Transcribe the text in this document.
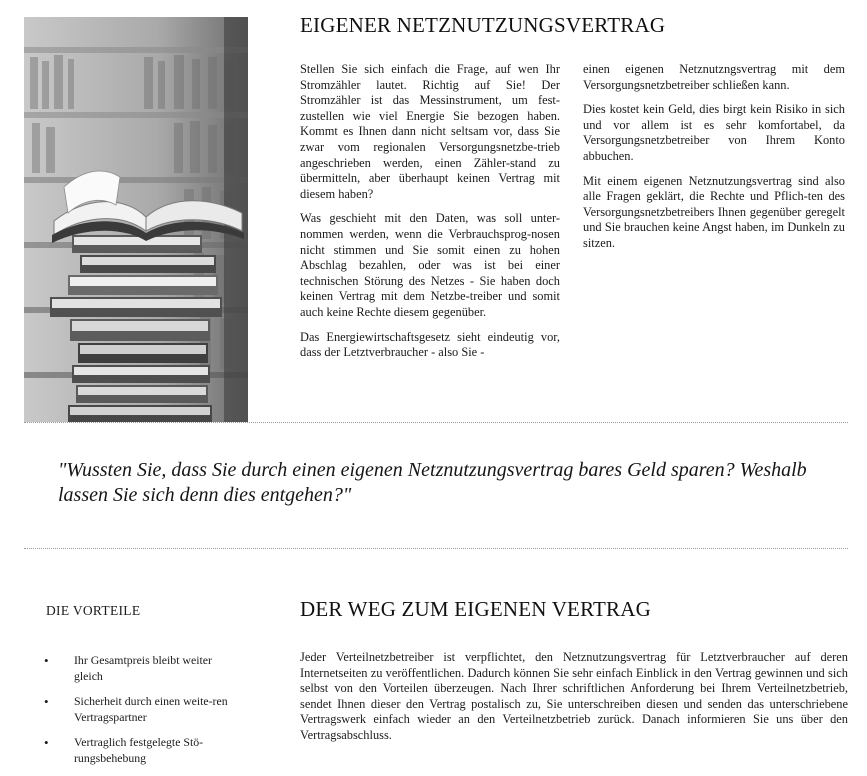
EIGENER NETZNUTZUNGSVERTRAG

Stellen Sie sich einfach die Frage, auf wen Ihr Stromzähler lautet. Richtig auf Sie! Der Stromzähler ist das Messinstrument, um fest-zustellen wie viel Energie Sie bezogen haben. Kommt es Ihnen dann nicht seltsam vor, dass Sie zwar vom regionalen Versorgungsnetzbe-trieb angeschrieben werden, einen Zähler-stand zu übermitteln, aber überhaupt keinen Vertrag mit diesem haben?

Was geschieht mit den Daten, was soll unter-nommen werden, wenn die Verbrauchsprog-nosen nicht stimmen und Sie somit einen zu hohen Abschlag bezahlen, oder was ist bei einer technischen Störung des Netzes - Sie haben doch keinen Vertrag mit dem Netzbe-treiber und somit auch keine Rechte diesem gegenüber.

Das Energiewirtschaftsgesetz sieht eindeutig vor, dass der Letztverbraucher - also Sie -

einen eigenen Netznutzngsvertrag mit dem Versorgungsnetzbetreiber schließen kann.

Dies kostet kein Geld, dies birgt kein Risiko in sich und vor allem ist es sehr komfortabel, da Versorgungsnetzbetreiber von Ihrem Konto abbuchen.

Mit einem eigenen Netznutzungsvertrag sind also alle Fragen geklärt, die Rechte und Pflich-ten des Versorgungsnetzbetreibers Ihnen gegenüber geregelt und Sie brauchen keine Angst haben, im Dunkeln zu sitzen.

"Wussten Sie, dass Sie durch einen eigenen Netznutzungsvertrag bares Geld sparen? Weshalb lassen Sie sich denn dies entgehen?"

DIE VORTEILE
• Ihr Gesamtpreis bleibt weiter gleich
• Sicherheit durch einen weite-ren Vertragspartner
• Vertraglich festgelegte Stö-rungsbehebung
DER WEG ZUM EIGENEN VERTRAG

Jeder Verteilnetzbetreiber ist verpflichtet, den Netznutzungsvertrag für Letztverbraucher auf deren Internetseiten zu veröffentlichen. Dadurch können Sie sehr einfach Einblick in den Vertrag gewinnen und sich selbst von den Vorteilen überzeugen. Nach Ihrer schriftlichen Anforderung bei Ihrem Verteilnetzbetrieb, sendet Ihnen dieser den Vertrag postalisch zu, Sie unterschreiben diesen und senden das unterschriebene Vertragswerk einfach wieder an den Verteilnetzbetrieb zurück. Danach informieren Sie uns über den Vertragsabschluss.
